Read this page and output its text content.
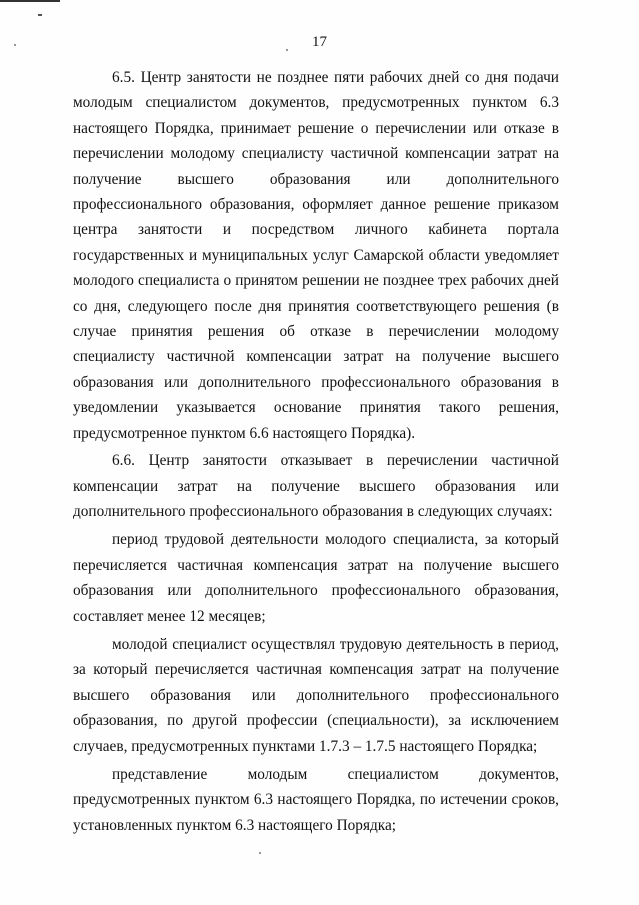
17

6.5. Центр занятости не позднее пяти рабочих дней со дня подачи молодым специалистом документов, предусмотренных пунктом 6.3 настоящего Порядка, принимает решение о перечислении или отказе в перечислении молодому специалисту частичной компенсации затрат на получение высшего образования или дополнительного профессионального образования, оформляет данное решение приказом центра занятости и посредством личного кабинета портала государственных и муниципальных услуг Самарской области уведомляет молодого специалиста о принятом решении не позднее трех рабочих дней со дня, следующего после дня принятия соответствующего решения (в случае принятия решения об отказе в перечислении молодому специалисту частичной компенсации затрат на получение высшего образования или дополнительного профессионального образования в уведомлении указывается основание принятия такого решения, предусмотренное пунктом 6.6 настоящего Порядка).

6.6. Центр занятости отказывает в перечислении частичной компенсации затрат на получение высшего образования или дополнительного профессионального образования в следующих случаях:

период трудовой деятельности молодого специалиста, за который перечисляется частичная компенсация затрат на получение высшего образования или дополнительного профессионального образования, составляет менее 12 месяцев;

молодой специалист осуществлял трудовую деятельность в период, за который перечисляется частичная компенсация затрат на получение высшего образования или дополнительного профессионального образования, по другой профессии (специальности), за исключением случаев, предусмотренных пунктами 1.7.3 – 1.7.5 настоящего Порядка;

представление молодым специалистом документов, предусмотренных пунктом 6.3 настоящего Порядка, по истечении сроков, установленных пунктом 6.3 настоящего Порядка;
